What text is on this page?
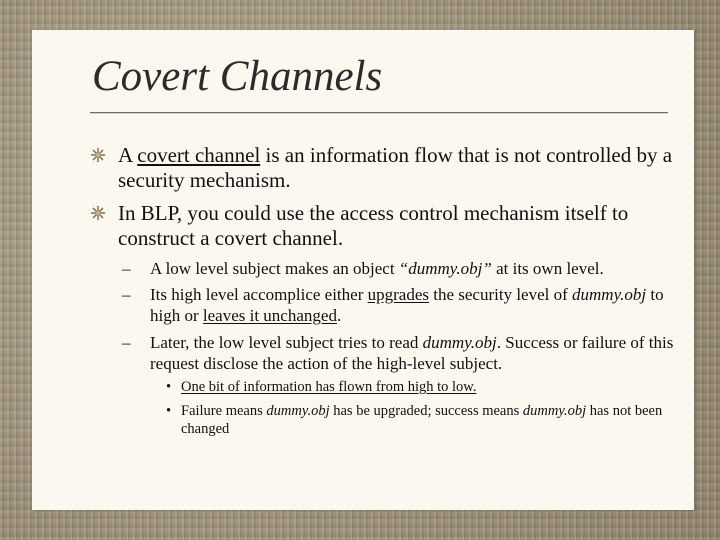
Covert Channels
A covert channel is an information flow that is not controlled by a security mechanism.
In BLP, you could use the access control mechanism itself to construct a covert channel.
– A low level subject makes an object “dummy.obj” at its own level.
– Its high level accomplice either upgrades the security level of dummy.obj to high or leaves it unchanged.
– Later, the low level subject tries to read dummy.obj. Success or failure of this request disclose the action of the high-level subject.
• One bit of information has flown from high to low.
• Failure means dummy.obj has be upgraded; success means dummy.obj has not been changed
